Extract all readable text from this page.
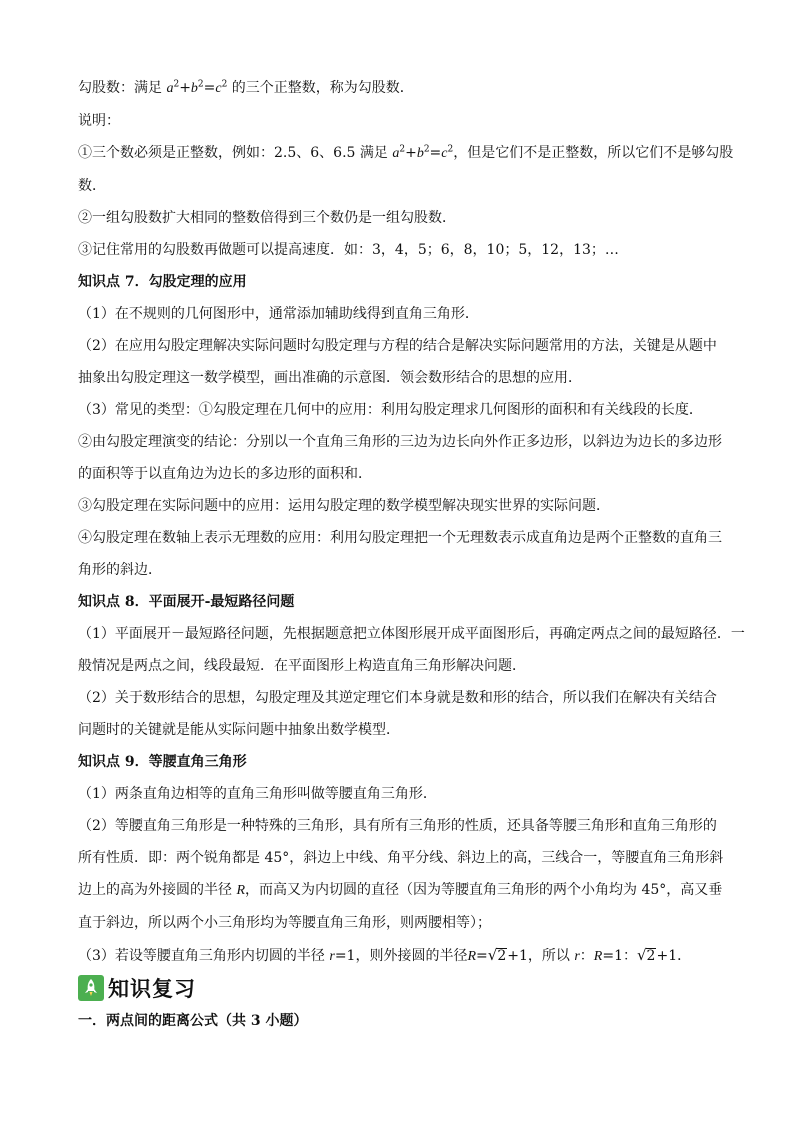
勾股数：满足 $a^2+b^2=c^2$ 的三个正整数，称为勾股数．

说明：

①三个数必须是正整数，例如：2.5、6、6.5 满足 $a^2+b^2=c^2$，但是它们不是正整数，所以它们不是够勾股

数．

②一组勾股数扩大相同的整数倍得到三个数仍是一组勾股数．

③记住常用的勾股数再做题可以提高速度．如：3，4，5；6，8，10；5，12，13；…

知识点 7．勾股定理的应用

（1）在不规则的几何图形中，通常添加辅助线得到直角三角形．

（2）在应用勾股定理解决实际问题时勾股定理与方程的结合是解决实际问题常用的方法，关键是从题中

抽象出勾股定理这一数学模型，画出准确的示意图．领会数形结合的思想的应用．

（3）常见的类型：①勾股定理在几何中的应用：利用勾股定理求几何图形的面积和有关线段的长度．

②由勾股定理演变的结论：分别以一个直角三角形的三边为边长向外作正多边形，以斜边为边长的多边形

的面积等于以直角边为边长的多边形的面积和．

③勾股定理在实际问题中的应用：运用勾股定理的数学模型解决现实世界的实际问题．

④勾股定理在数轴上表示无理数的应用：利用勾股定理把一个无理数表示成直角边是两个正整数的直角三

角形的斜边．

知识点 8．平面展开-最短路径问题

（1）平面展开－最短路径问题，先根据题意把立体图形展开成平面图形后，再确定两点之间的最短路径．一

般情况是两点之间，线段最短．在平面图形上构造直角三角形解决问题．

（2）关于数形结合的思想，勾股定理及其逆定理它们本身就是数和形的结合，所以我们在解决有关结合

问题时的关键就是能从实际问题中抽象出数学模型．

知识点 9．等腰直角三角形

（1）两条直角边相等的直角三角形叫做等腰直角三角形．

（2）等腰直角三角形是一种特殊的三角形，具有所有三角形的性质，还具备等腰三角形和直角三角形的

所有性质．即：两个锐角都是 45°，斜边上中线、角平分线、斜边上的高，三线合一，等腰直角三角形斜

边上的高为外接圆的半径 R，而高又为内切圆的直径（因为等腰直角三角形的两个小角均为 45°，高又垂

直于斜边，所以两个小三角形均为等腰直角三角形，则两腰相等）；

（3）若设等腰直角三角形内切圆的半径 r=1，则外接圆的半径R=√2+1，所以 r：R=1：√2+1．

知识复习

一．两点间的距离公式（共 3 小题）
